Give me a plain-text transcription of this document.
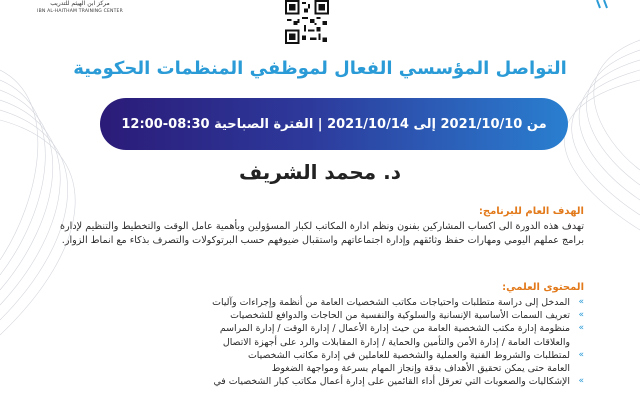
مركز ابن الهيثم للتدريب
IBN AL-HAITHAM TRAINING CENTER
التواصل المؤسسي الفعال لموظفي المنظمات الحكومية
من 2021/10/10 إلى 2021/10/14 | الفترة الصباحية 08:30-12:00
د. محمد الشريف
الهدف العام للبرنامج:

تهدف هذه الدورة الى اكساب المشاركين بفنون ونظم ادارة المكاتب لكبار المسؤولين وبأهمية عامل الوقت والتخطيط والتنظيم لإدارة برامج عملهم اليومي ومهارات حفظ وثائقهم وإدارة اجتماعاتهم واستقبال ضيوفهم حسب البرتوكولات والتصرف بذكاء مع انماط الزوار.

المحتوى العلمي:
»
المدخل إلى دراسة متطلبات واحتياجات مكاتب الشخصيات العامة من أنظمة وإجراءات وآليات
»
تعريف السمات الأساسية الإنسانية والسلوكية والنفسية من الحاجات والدوافع للشخصيات
»
منظومة إدارة مكتب الشخصية العامة من حيث إدارة الأعمال / إدارة الوقت / إدارة المراسم
والعلاقات العامة / إدارة الأمن والتأمين والحماية / إدارة المقابلات والرد على أجهزة الاتصال
»
لمتطلبات والشروط الفنية والعملية والشخصية للعاملين في إدارة مكاتب الشخصيات
العامة حتى يمكن تحقيق الأهداف بدقة وإنجاز المهام بسرعة ومواجهة الضغوط
»
الإشكاليات والصعوبات التي تعرقل أداء القائمين على إدارة أعمال مكاتب كبار الشخصيات في
